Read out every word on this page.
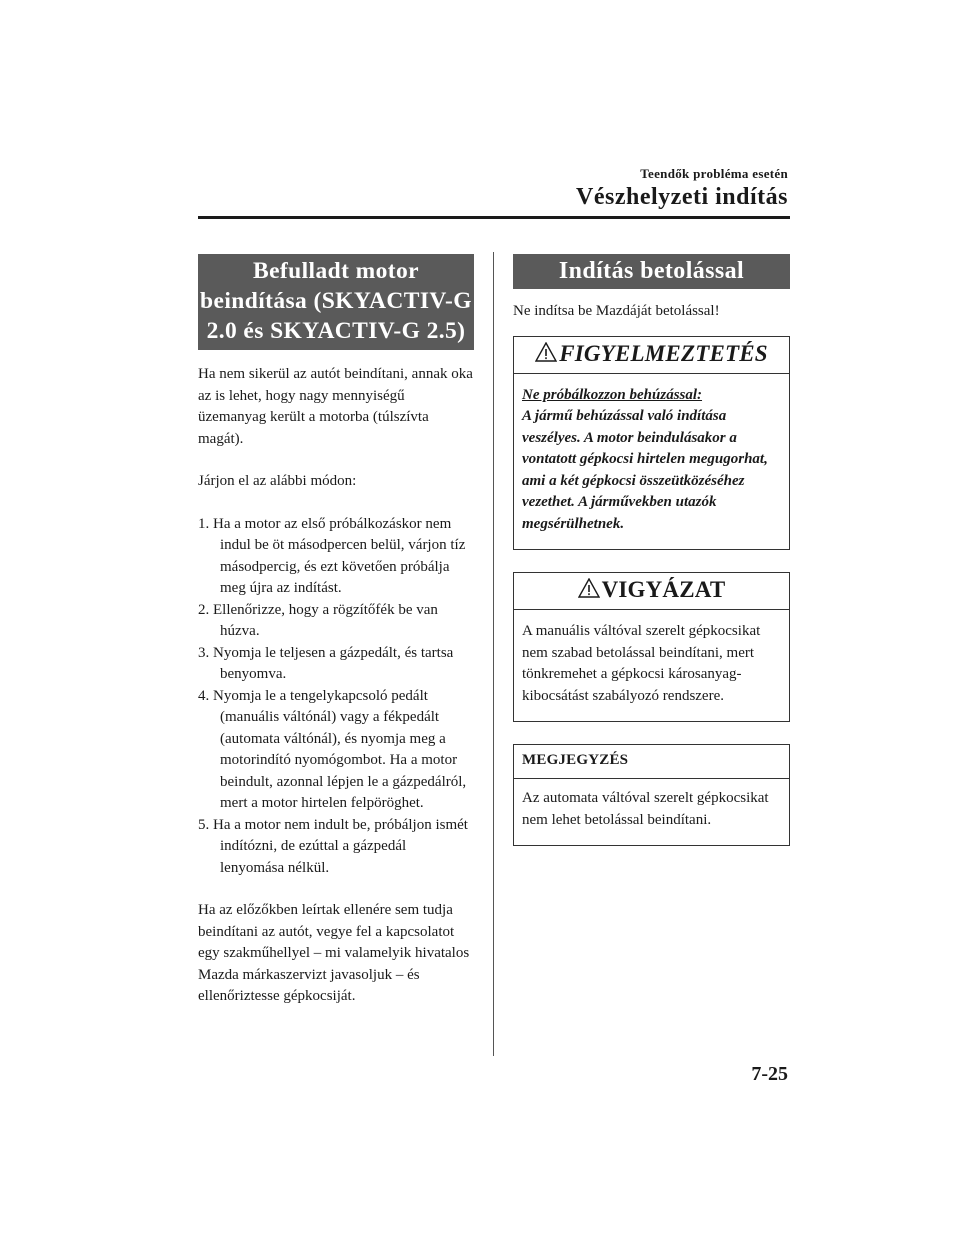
Teendők probléma esetén
Vészhelyzeti indítás
Befulladt motor beindítása (SKYACTIV-G 2.0 és SKYACTIV-G 2.5)

Ha nem sikerül az autót beindítani, annak oka az is lehet, hogy nagy mennyiségű üzemanyag került a motorba (túlszívta magát).

Járjon el az alábbi módon:

1. Ha a motor az első próbálkozáskor nem indul be öt másodpercen belül, várjon tíz másodpercig, és ezt követően próbálja meg újra az indítást.
2. Ellenőrizze, hogy a rögzítőfék be van húzva.
3. Nyomja le teljesen a gázpedált, és tartsa benyomva.
4. Nyomja le a tengelykapcsoló pedált (manuális váltónál) vagy a fékpedált (automata váltónál), és nyomja meg a motorindító nyomógombot. Ha a motor beindult, azonnal lépjen le a gázpedálról, mert a motor hirtelen felpöröghet.
5. Ha a motor nem indult be, próbáljon ismét indítózni, de ezúttal a gázpedál lenyomása nélkül.

Ha az előzőkben leírtak ellenére sem tudja beindítani az autót, vegye fel a kapcsolatot egy szakműhellyel – mi valamelyik hivatalos Mazda márkaszervizt javasoljuk – és ellenőriztesse gépkocsiját.

Indítás betolással

Ne indítsa be Mazdáját betolással!

FIGYELMEZTETÉS
Ne próbálkozzon behúzással:
A jármű behúzással való indítása veszélyes. A motor beindulásakor a vontatott gépkocsi hirtelen megugorhat, ami a két gépkocsi összeütközéséhez vezethet. A járművekben utazók megsérülhetnek.
VIGYÁZAT
A manuális váltóval szerelt gépkocsikat nem szabad betolással beindítani, mert tönkremehet a gépkocsi károsanyag-kibocsátást szabályozó rendszere.
MEGJEGYZÉS
Az automata váltóval szerelt gépkocsikat nem lehet betolással beindítani.
7-25
